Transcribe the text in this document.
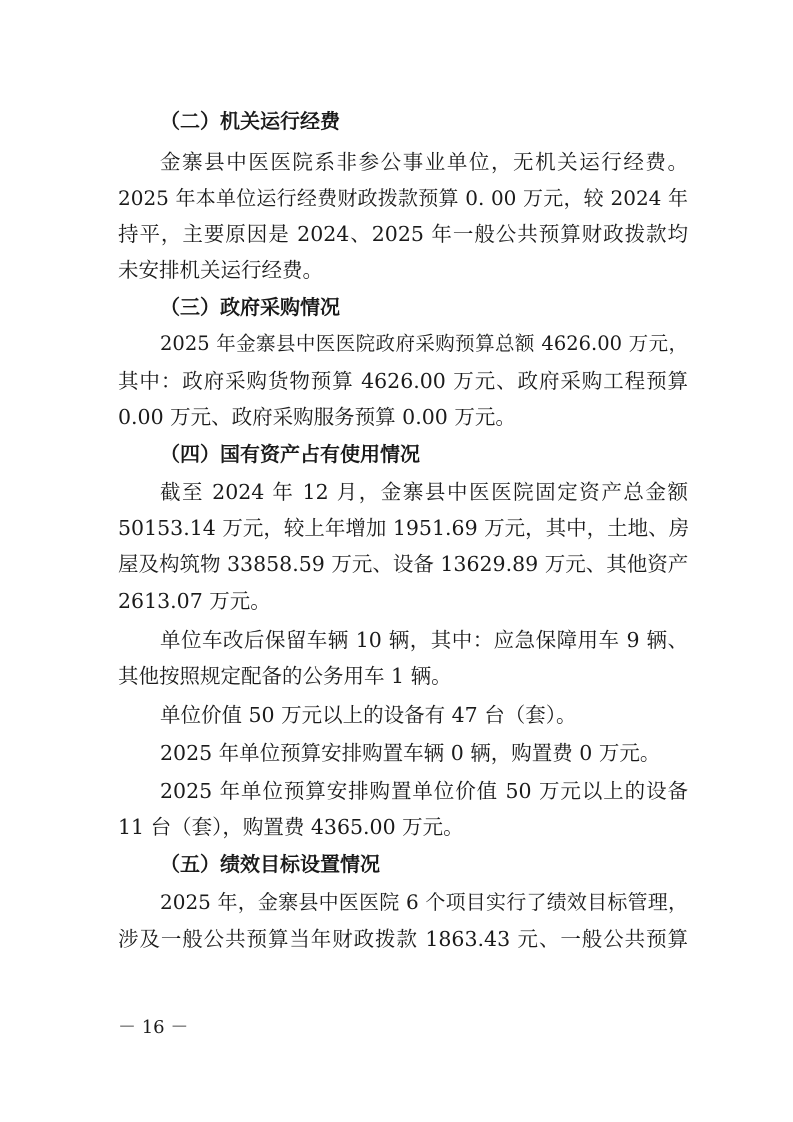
（二）机关运行经费
金寨县中医医院系非参公事业单位，无机关运行经费。
2025 年本单位运行经费财政拨款预算 0. 00 万元，较 2024 年
持平，主要原因是 2024、2025 年一般公共预算财政拨款均
未安排机关运行经费。
（三）政府采购情况
2025 年金寨县中医医院政府采购预算总额 4626.00 万元，
其中：政府采购货物预算 4626.00 万元、政府采购工程预算
0.00 万元、政府采购服务预算 0.00 万元。
（四）国有资产占有使用情况
截至 2024 年 12 月，金寨县中医医院固定资产总金额
50153.14 万元，较上年增加 1951.69 万元，其中，土地、房
屋及构筑物 33858.59 万元、设备 13629.89 万元、其他资产
2613.07 万元。
单位车改后保留车辆 10 辆，其中：应急保障用车 9 辆、
其他按照规定配备的公务用车 1 辆。
单位价值 50 万元以上的设备有 47 台（套）。
2025 年单位预算安排购置车辆 0 辆，购置费 0 万元。
2025 年单位预算安排购置单位价值 50 万元以上的设备
11 台（套），购置费 4365.00 万元。
（五）绩效目标设置情况
2025 年，金寨县中医医院 6 个项目实行了绩效目标管理，
涉及一般公共预算当年财政拨款 1863.43 元、一般公共预算
－ 16 －
